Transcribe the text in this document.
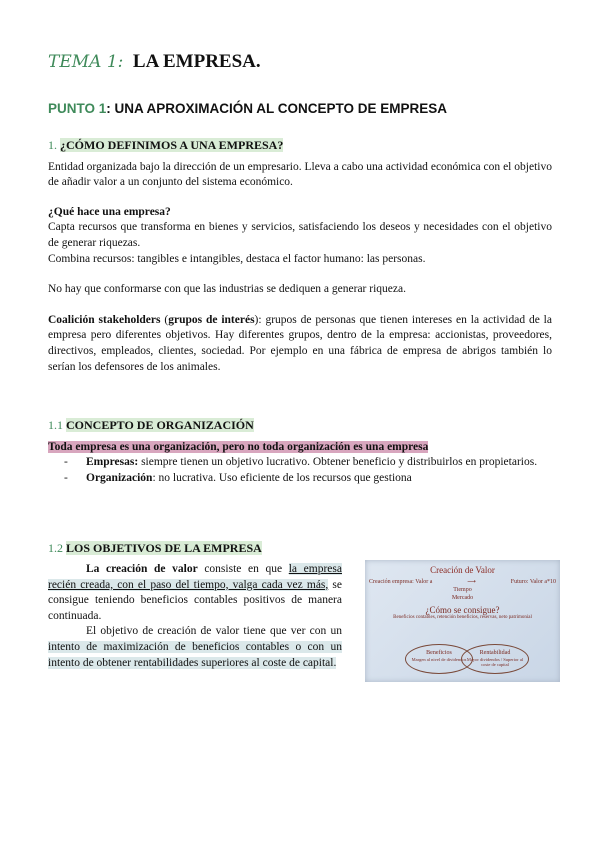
TEMA 1: LA EMPRESA.
PUNTO 1: UNA APROXIMACIÓN AL CONCEPTO DE EMPRESA
1. ¿CÓMO DEFINIMOS A UNA EMPRESA?

Entidad organizada bajo la dirección de un empresario. Lleva a cabo una actividad económica con el objetivo de añadir valor a un conjunto del sistema económico.

¿Qué hace una empresa?

Capta recursos que transforma en bienes y servicios, satisfaciendo los deseos y necesidades con el objetivo de generar riquezas.

Combina recursos: tangibles e intangibles, destaca el factor humano: las personas.

No hay que conformarse con que las industrias se dediquen a generar riqueza.

Coalición stakeholders (grupos de interés): grupos de personas que tienen intereses en la actividad de la empresa pero diferentes objetivos. Hay diferentes grupos, dentro de la empresa: accionistas, proveedores, directivos, empleados, clientes, sociedad. Por ejemplo en una fábrica de empresa de abrigos también lo serían los defensores de los animales.

1.1 CONCEPTO DE ORGANIZACIÓN

Toda empresa es una organización, pero no toda organización es una empresa

- Empresas: siempre tienen un objetivo lucrativo. Obtener beneficio y distribuirlos en propietarios.
- Organización: no lucrativa. Uso eficiente de los recursos que gestiona
1.2 LOS OBJETIVOS DE LA EMPRESA

La creación de valor consiste en que la empresa recién creada, con el paso del tiempo, valga cada vez más, se consigue teniendo beneficios contables positivos de manera continuada.

El objetivo de creación de valor tiene que ver con un intento de maximización de beneficios contables o con un intento de obtener rentabilidades superiores al coste de capital.

Creación de Valor
Creación empresa: Valor a	⟶	Futuro: Valor a*10
Tiempo
Mercado
¿Cómo se consigue?
Beneficios contables, retención beneficios, reservas, neto patrimonial
Beneficios
Margen al nivel de dividendos
Rentabilidad
Mayor dividendos / Superior al coste de capital
